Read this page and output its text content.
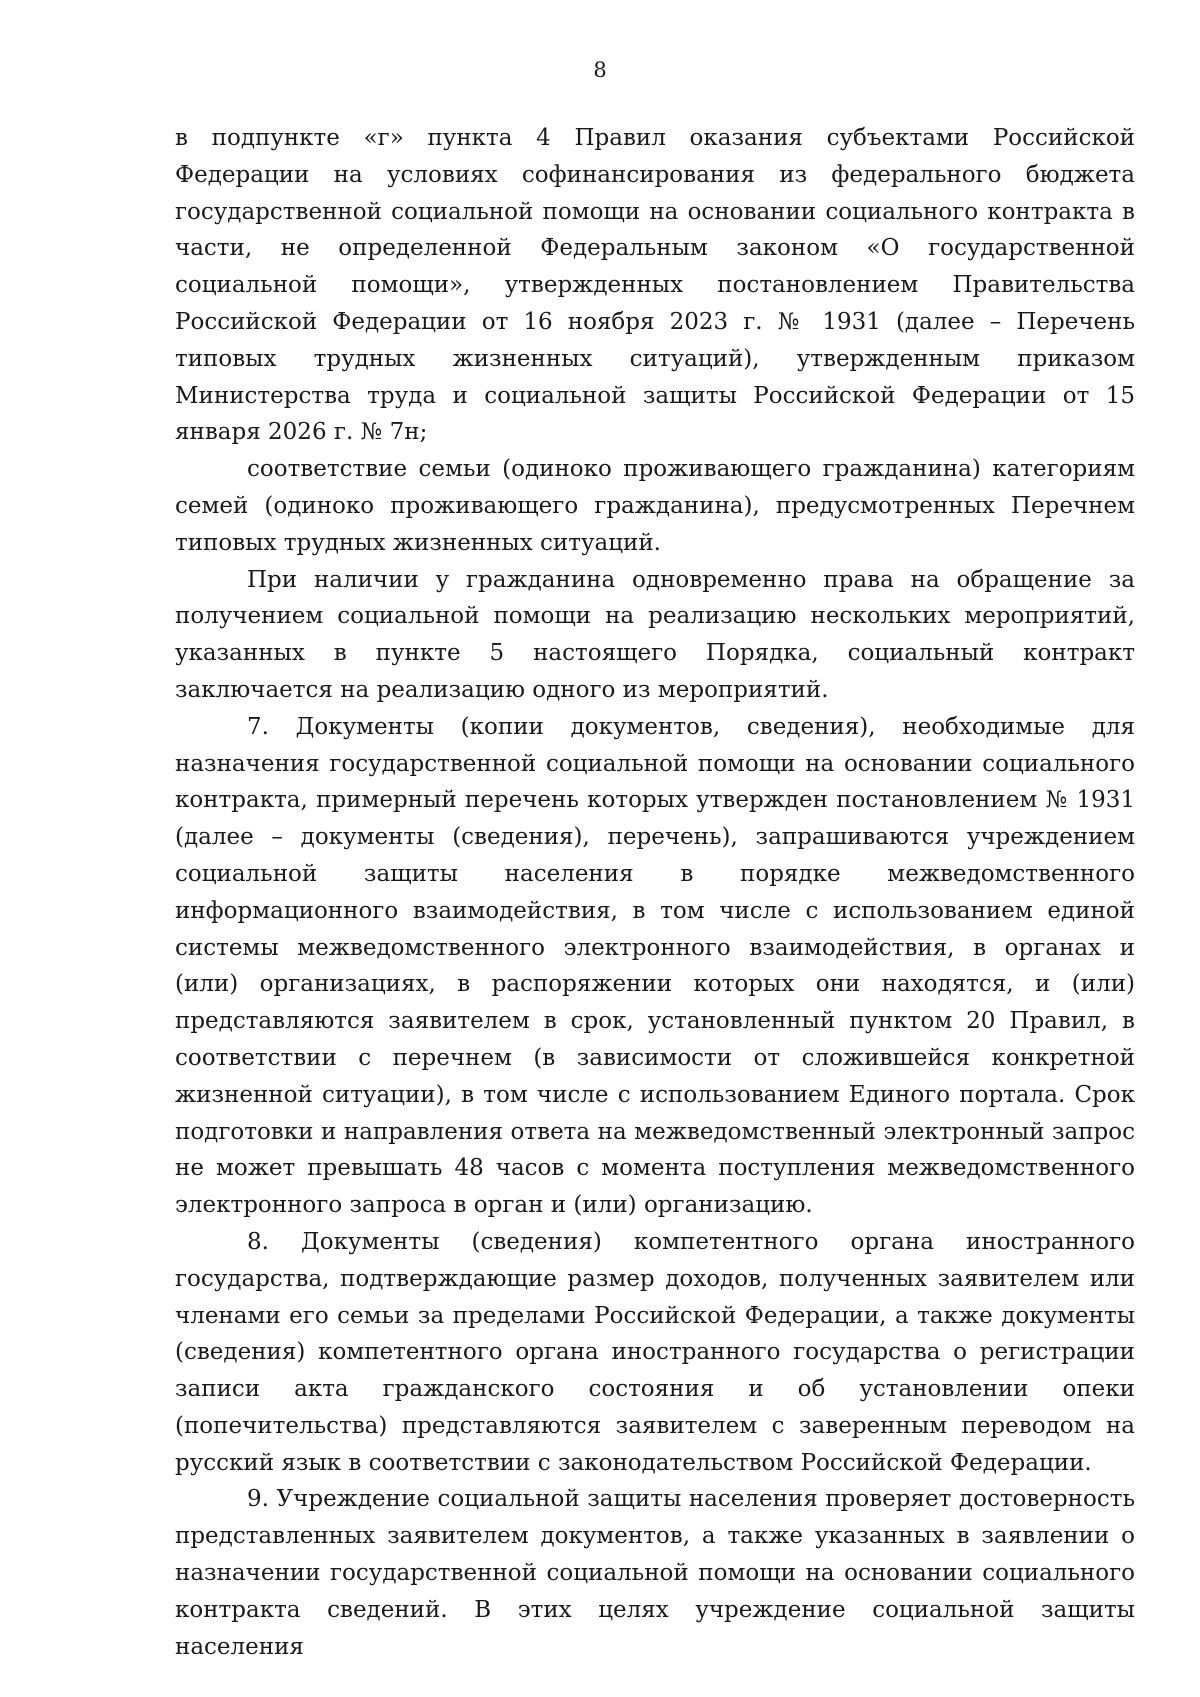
8

в подпункте «г» пункта 4 Правил оказания субъектами Российской Федерации на условиях софинансирования из федерального бюджета государственной социальной помощи на основании социального контракта в части, не определенной Федеральным законом «О государственной социальной помощи», утвержденных постановлением Правительства Российской Федерации от 16 ноября 2023 г. № 1931 (далее – Перечень типовых трудных жизненных ситуаций), утвержденным приказом Министерства труда и социальной защиты Российской Федерации от 15 января 2026 г. № 7н;

соответствие семьи (одиноко проживающего гражданина) категориям семей (одиноко проживающего гражданина), предусмотренных Перечнем типовых трудных жизненных ситуаций.

При наличии у гражданина одновременно права на обращение за получением социальной помощи на реализацию нескольких мероприятий, указанных в пункте 5 настоящего Порядка, социальный контракт заключается на реализацию одного из мероприятий.

7. Документы (копии документов, сведения), необходимые для назначения государственной социальной помощи на основании социального контракта, примерный перечень которых утвержден постановлением № 1931 (далее – документы (сведения), перечень), запрашиваются учреждением социальной защиты населения в порядке межведомственного информационного взаимодействия, в том числе с использованием единой системы межведомственного электронного взаимодействия, в органах и (или) организациях, в распоряжении которых они находятся, и (или) представляются заявителем в срок, установленный пунктом 20 Правил, в соответствии с перечнем (в зависимости от сложившейся конкретной жизненной ситуации), в том числе с использованием Единого портала. Срок подготовки и направления ответа на межведомственный электронный запрос не может превышать 48 часов с момента поступления межведомственного электронного запроса в орган и (или) организацию.

8. Документы (сведения) компетентного органа иностранного государства, подтверждающие размер доходов, полученных заявителем или членами его семьи за пределами Российской Федерации, а также документы (сведения) компетентного органа иностранного государства о регистрации записи акта гражданского состояния и об установлении опеки (попечительства) представляются заявителем с заверенным переводом на русский язык в соответствии с законодательством Российской Федерации.

9. Учреждение социальной защиты населения проверяет достоверность представленных заявителем документов, а также указанных в заявлении о назначении государственной социальной помощи на основании социального контракта сведений. В этих целях учреждение социальной защиты населения
